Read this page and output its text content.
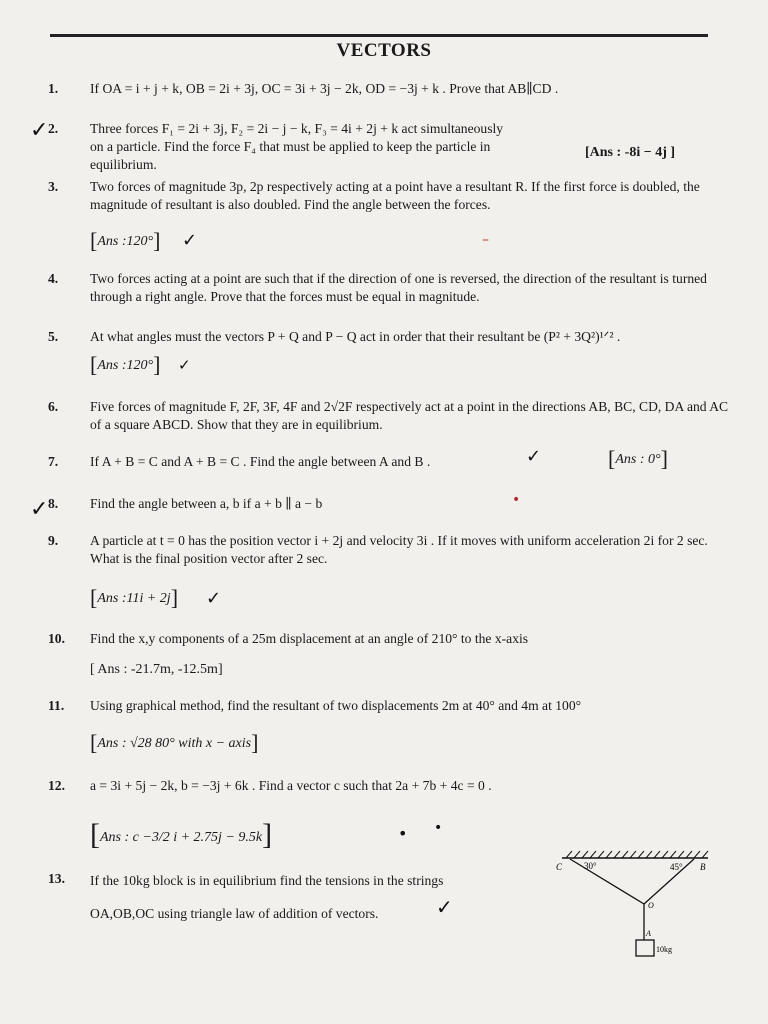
VECTORS
1. If OA = i + j + k, OB = 2i + 3j, OC = 3i + 3j − 2k, OD = −3j + k . Prove that AB∥CD .
2. Three forces F₁ = 2i + 3j, F₂ = 2i − j − k, F₃ = 4i + 2j + k act simultaneously on a particle. Find the force F₄ that must be applied to keep the particle in equilibrium.
[Ans : -8i − 4j ]
✓
3. Two forces of magnitude 3p, 2p respectively acting at a point have a resultant R. If the first force is doubled, the magnitude of resultant is also doubled. Find the angle between the forces.
[Ans :120°] ✓	–
4. Two forces acting at a point are such that if the direction of one is reversed, the direction of the resultant is turned through a right angle. Prove that the forces must be equal in magnitude.
5. At what angles must the vectors P + Q and P − Q act in order that their resultant be (P² + 3Q²)¹ᐟ² .
[Ans :120°] ✓
6. Five forces of magnitude F, 2F, 3F, 4F and 2√2F respectively act at a point in the directions AB, BC, CD, DA and AC of a square ABCD. Show that they are in equilibrium.
7. If A + B = C and A + B = C . Find the angle between A and B .	[Ans : 0°]
✓
8. Find the angle between a, b if a + b ∥ a − b
✓	•
9. A particle at t = 0 has the position vector i + 2j and velocity 3i . If it moves with uniform acceleration 2i for 2 sec. What is the final position vector after 2 sec.
[Ans :11i + 2j] ✓
10. Find the x,y components of a 25m displacement at an angle of 210° to the x-axis
[ Ans : -21.7m, -12.5m]
11. Using graphical method, find the resultant of two displacements 2m at 40° and 4m at 100°
[Ans : √28 80° with x − axis]
12. a = 3i + 5j − 2k, b = −3j + 6k . Find a vector c such that 2a + 7b + 4c = 0 .
[Ans : c −3/2 i + 2.75j − 9.5k]	• •
13. If the 10kg block is in equilibrium find the tensions in the strings OA,OB,OC using triangle law of addition of vectors.	✓
C 30°	45° B
O
A
10kg
